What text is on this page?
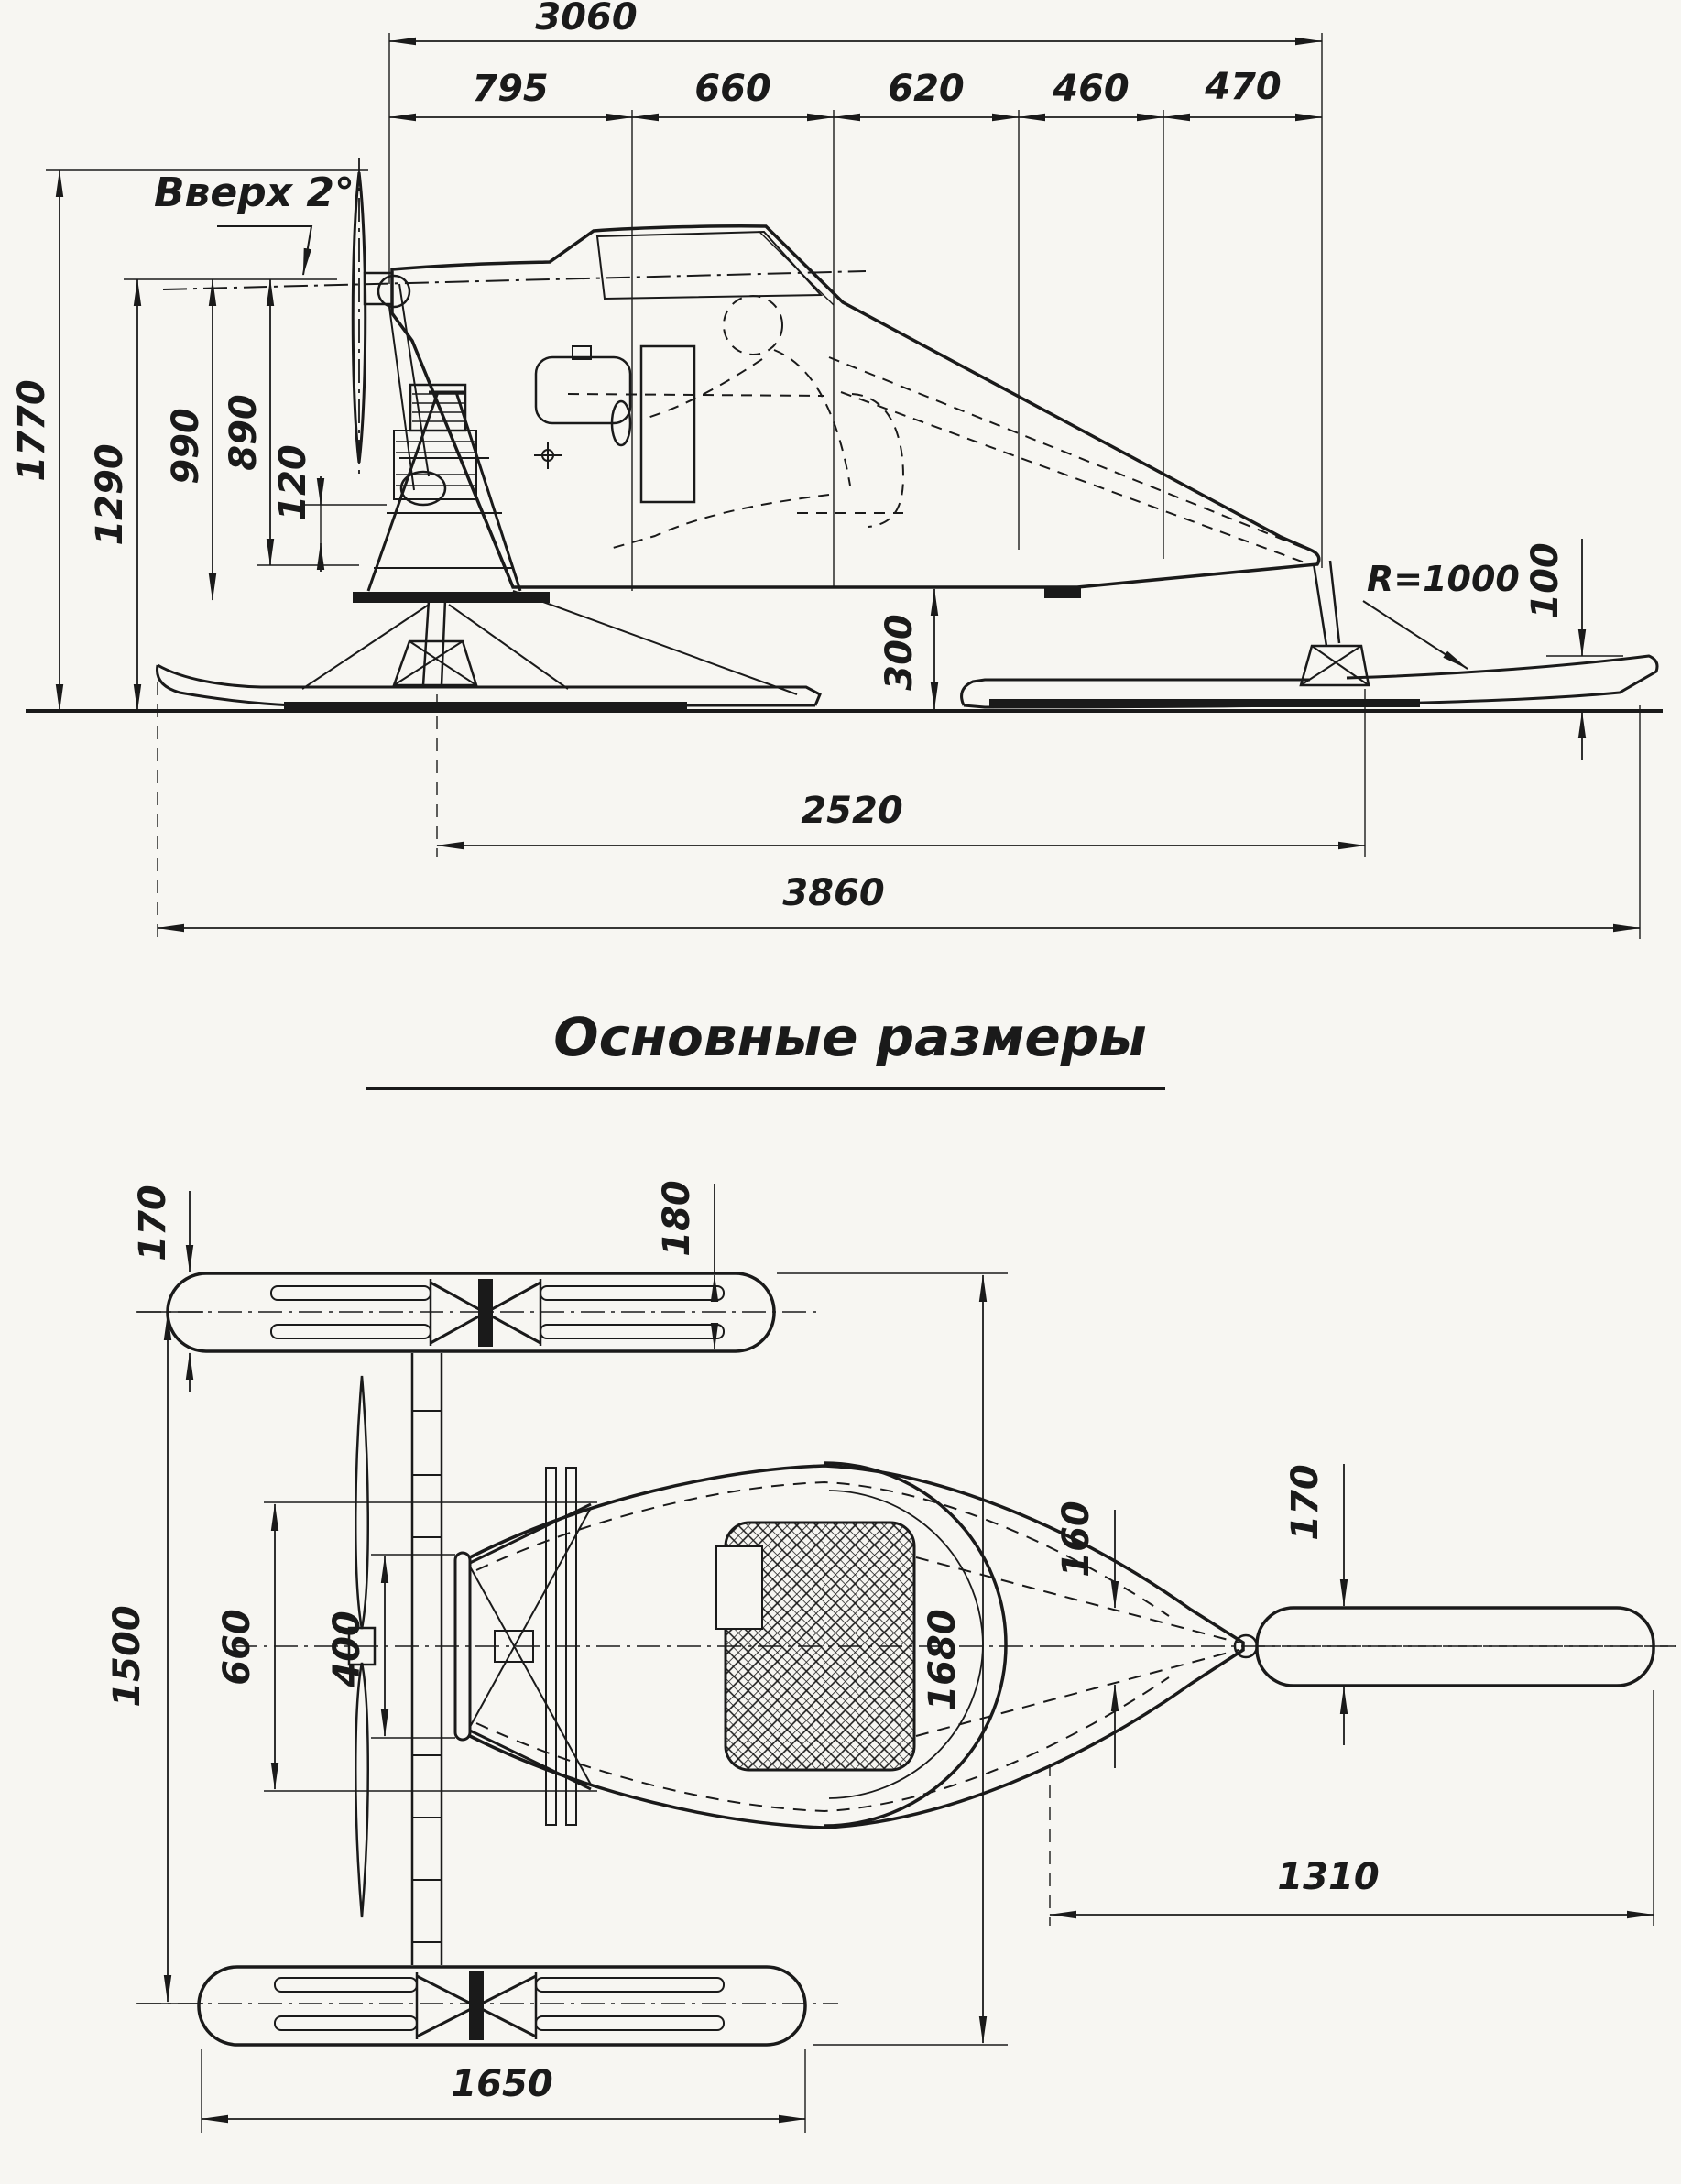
3060
795	660	620 460 470
1770
1290 990 890
120
Вверх 2°
R=1000 100
300
2520
3860
Основные размеры
170	180
1500 660 400	1680
160	170
1310
1650
